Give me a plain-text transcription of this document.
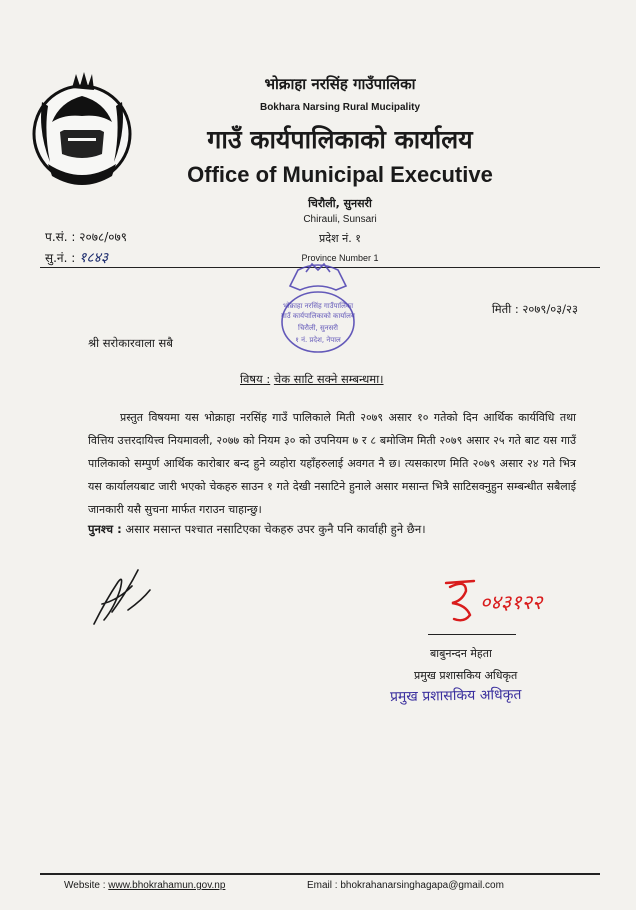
भोक्राहा नरसिंह गाउँपालिका
Bokhara Narsing Rural Mucipality
गाउँ कार्यपालिकाको कार्यालय
Office of Municipal Executive
चिरौली, सुनसरी
Chirauli, Sunsari
प्रदेश नं. १
Province Number 1
प.सं. : २०७८/०७९
सु.नं. : १८४३
भोक्राहा नरसिंह गाउँपालिका
गाउँ कार्यपालिकाको कार्यालय
चिरौली, सुनसरी
१ नं. प्रदेश, नेपाल
मिती : २०७९/०३/२३
श्री सरोकारवाला सबै
विषय : चेक साटि सक्ने सम्बन्धमा।
प्रस्तुत विषयमा यस भोक्राहा नरसिंह गाउँ पालिकाले मिती २०७९ असार १० गतेको दिन आर्थिक कार्यविधि तथा वित्तिय उत्तरदायित्त्व नियमावली, २०७७ को नियम ३० को उपनियम ७ र ८ बमोजिम मिती २०७९ असार २५ गते बाट यस गाउँ पालिकाको सम्पुर्ण आर्थिक कारोबार बन्द हुने व्यहोरा यहाँहरुलाई अवगत नै छ। त्यसकारण मिति २०७९ असार २४ गते भित्र यस कार्यालयबाट जारी भएको चेकहरु साउन १ गते देखी नसाटिने हुनाले असार मसान्त भित्रै साटिसक्नुहुन सम्बन्धीत सबैलाई जानकारी यसै सुचना मार्फत गराउन चाहान्छु।
पुनश्च : असार मसान्त पश्चात नसाटिएका चेकहरु उपर कुनै पनि कार्वाही हुने छैन।
०४३१२२
बाबुनन्दन मेहता
प्रमुख प्रशासकिय अधिकृत
प्रमुख प्रशासकिय अधिकृत
Website : www.bhokrahamun.gov.np	Email : bhokrahanarsinghagapa@gmail.com
